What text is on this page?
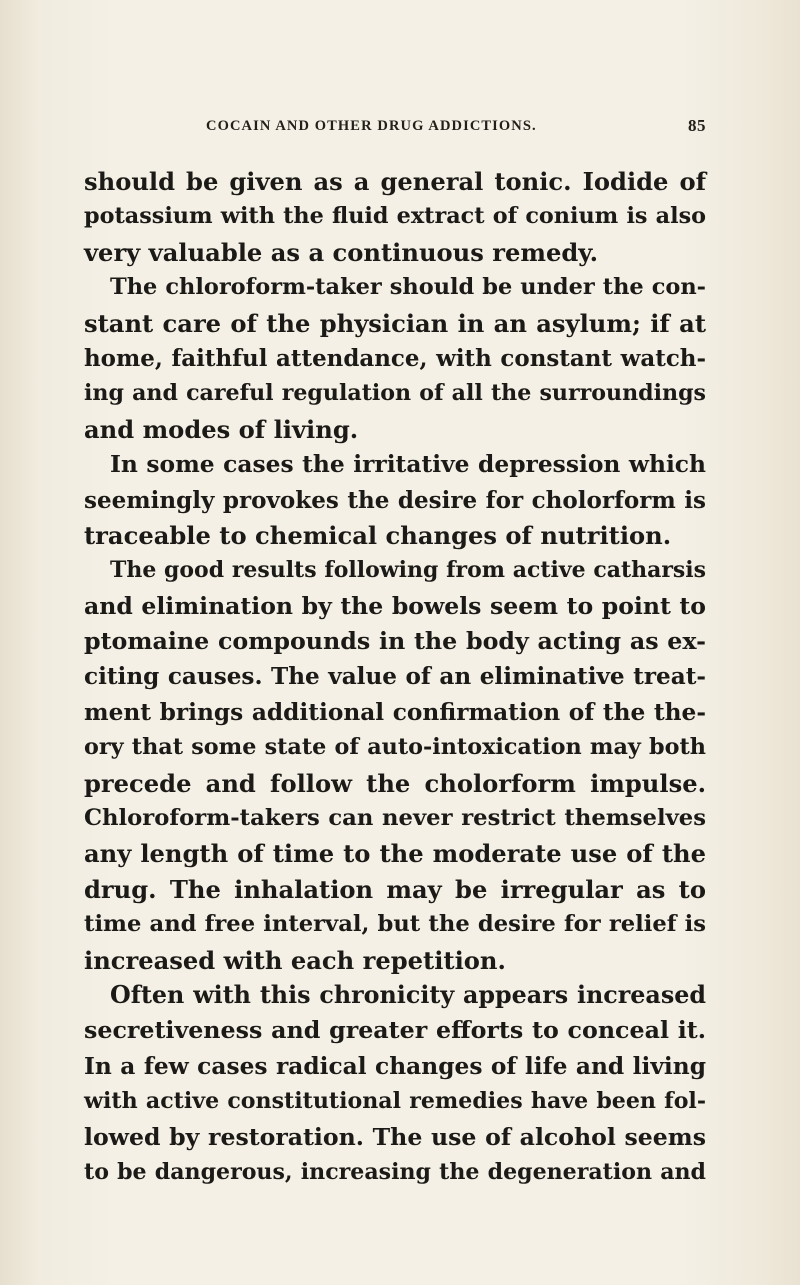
COCAIN AND OTHER DRUG ADDICTIONS.	85
should be given as a general tonic. Iodide of
potassium with the fluid extract of conium is also
very valuable as a continuous remedy.
The chloroform-taker should be under the con-
stant care of the physician in an asylum; if at
home, faithful attendance, with constant watch-
ing and careful regulation of all the surroundings
and modes of living.
In some cases the irritative depression which
seemingly provokes the desire for cholorform is
traceable to chemical changes of nutrition.
The good results following from active catharsis
and elimination by the bowels seem to point to
ptomaine compounds in the body acting as ex-
citing causes. The value of an eliminative treat-
ment brings additional confirmation of the the-
ory that some state of auto-intoxication may both
precede and follow the cholorform impulse.
Chloroform-takers can never restrict themselves
any length of time to the moderate use of the
drug. The inhalation may be irregular as to
time and free interval, but the desire for relief is
increased with each repetition.
Often with this chronicity appears increased
secretiveness and greater efforts to conceal it.
In a few cases radical changes of life and living
with active constitutional remedies have been fol-
lowed by restoration. The use of alcohol seems
to be dangerous, increasing the degeneration and
